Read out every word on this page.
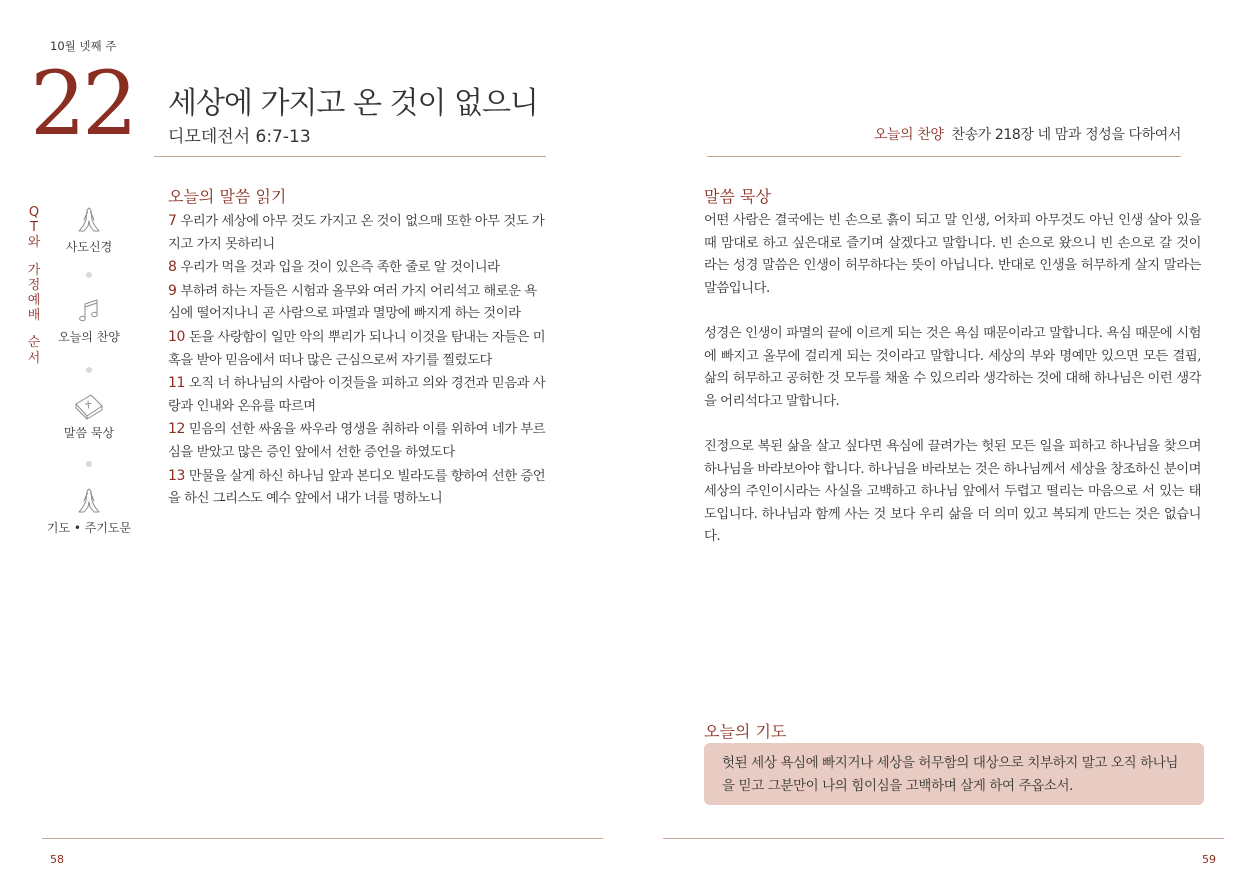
10월 넷째 주
22 세상에 가지고 온 것이 없으니
디모데전서 6:7-13	오늘의 찬양 찬송가 218장 네 맘과 정성을 다하여서
Q
T
와
가
정
예
배
순
서
사도신경
오늘의 찬양
말씀 묵상
기도 • 주기도문
오늘의 말씀 읽기
7 우리가 세상에 아무 것도 가지고 온 것이 없으매 또한 아무 것도 가지고 가지 못하리니
8 우리가 먹을 것과 입을 것이 있은즉 족한 줄로 알 것이니라
9 부하려 하는 자들은 시험과 올무와 여러 가지 어리석고 해로운 욕심에 떨어지나니 곧 사람으로 파멸과 멸망에 빠지게 하는 것이라
10 돈을 사랑함이 일만 악의 뿌리가 되나니 이것을 탐내는 자들은 미혹을 받아 믿음에서 떠나 많은 근심으로써 자기를 찔렀도다
11 오직 너 하나님의 사람아 이것들을 피하고 의와 경건과 믿음과 사랑과 인내와 온유를 따르며
12 믿음의 선한 싸움을 싸우라 영생을 취하라 이를 위하여 네가 부르심을 받았고 많은 증인 앞에서 선한 증언을 하였도다
13 만물을 살게 하신 하나님 앞과 본디오 빌라도를 향하여 선한 증언을 하신 그리스도 예수 앞에서 내가 너를 명하노니
말씀 묵상

어떤 사람은 결국에는 빈 손으로 흙이 되고 말 인생, 어차피 아무것도 아닌 인생 살아 있을 때 맘대로 하고 싶은대로 즐기며 살겠다고 말합니다. 빈 손으로 왔으니 빈 손으로 갈 것이라는 성경 말씀은 인생이 허무하다는 뜻이 아닙니다. 반대로 인생을 허무하게 살지 말라는 말씀입니다.

성경은 인생이 파멸의 끝에 이르게 되는 것은 욕심 때문이라고 말합니다. 욕심 때문에 시험에 빠지고 올무에 걸리게 되는 것이라고 말합니다. 세상의 부와 명예만 있으면 모든 결핍, 삶의 허무하고 공허한 것 모두를 채울 수 있으리라 생각하는 것에 대해 하나님은 이런 생각을 어리석다고 말합니다.

진정으로 복된 삶을 살고 싶다면 욕심에 끌려가는 헛된 모든 일을 피하고 하나님을 찾으며 하나님을 바라보아야 합니다. 하나님을 바라보는 것은 하나님께서 세상을 창조하신 분이며 세상의 주인이시라는 사실을 고백하고 하나님 앞에서 두렵고 떨리는 마음으로 서 있는 태도입니다. 하나님과 함께 사는 것 보다 우리 삶을 더 의미 있고 복되게 만드는 것은 없습니다.

오늘의 기도
헛된 세상 욕심에 빠지거나 세상을 허무함의 대상으로 치부하지 말고 오직 하나님을 믿고 그분만이 나의 힘이심을 고백하며 살게 하여 주옵소서.
58	59
